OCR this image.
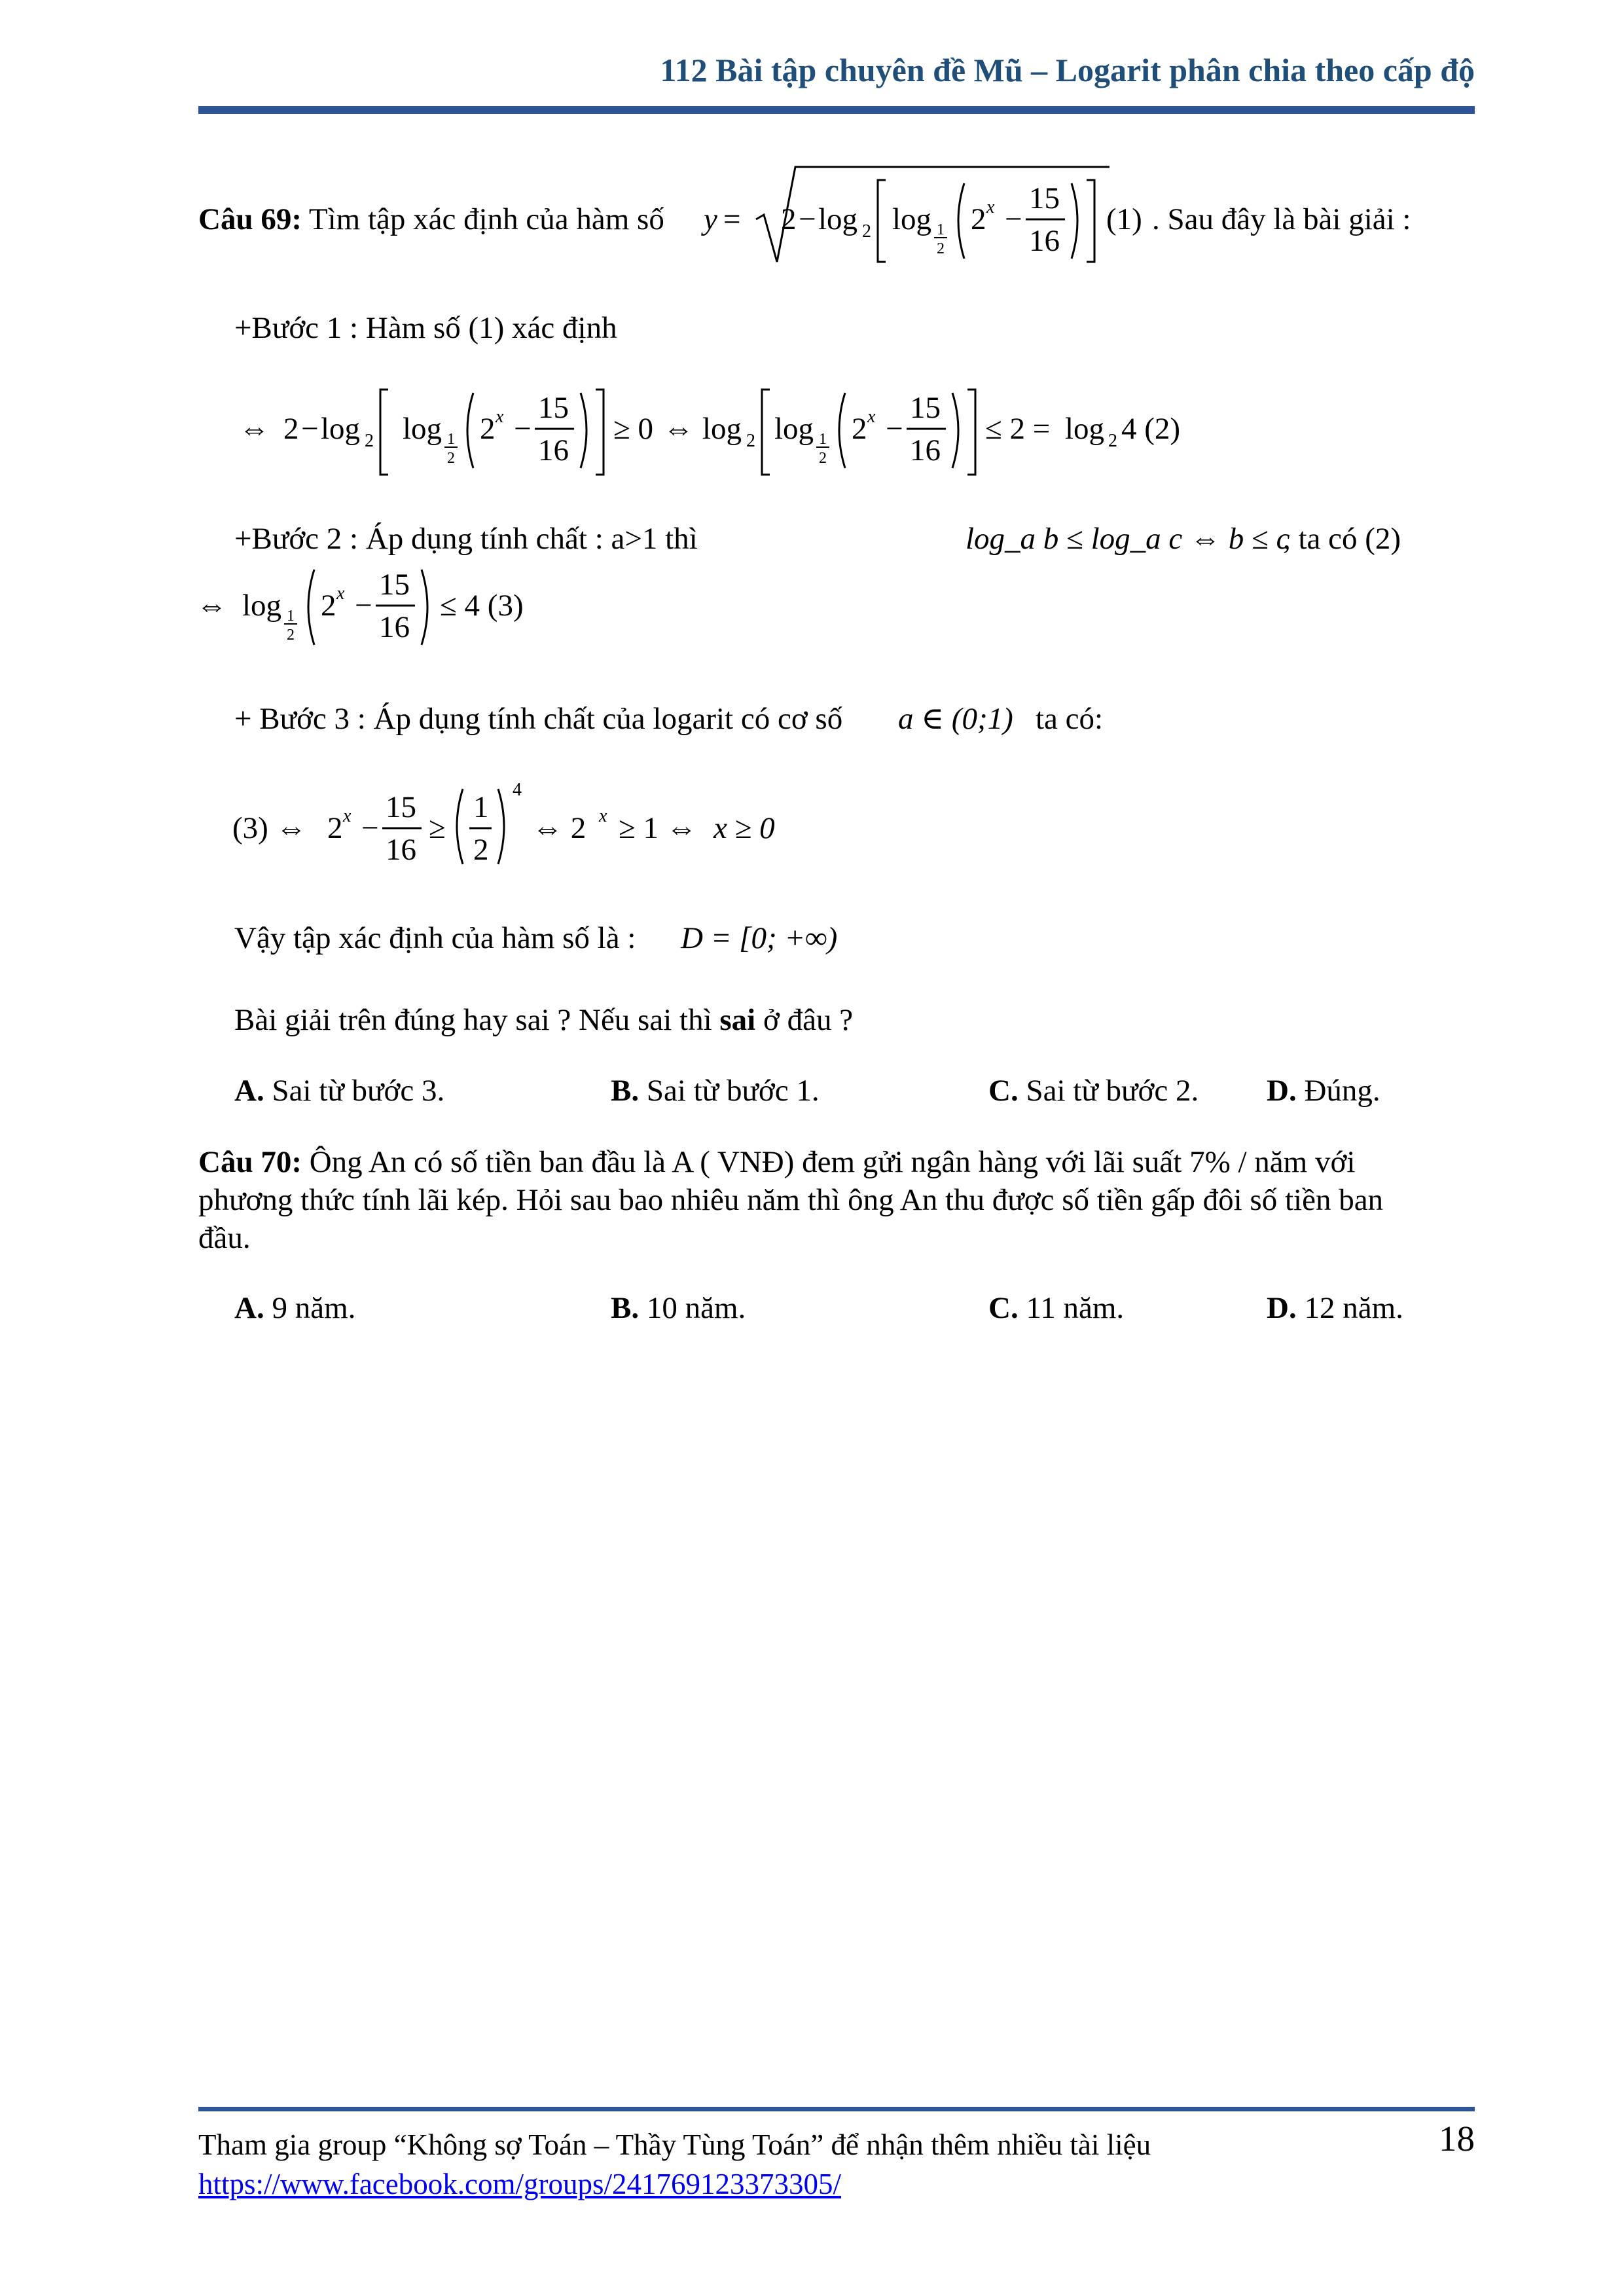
112 Bài tập chuyên đề Mũ – Logarit phân chia theo cấp độ
Câu 69: Tìm tập xác định của hàm số y = 2 − log 2 log 1
2
2 x −
15
16
(1) . Sau đây là bài giải :
+Bước 1 : Hàm số (1) xác định
⇔ 2 − log 2 log 1
2
2 x −
15
16
≥ 0 ⇔ log 2 log 1
2
2 x −
15
16
≤ 2 = log 2 4 (2)
+Bước 2 : Áp dụng tính chất : a>1 thì	log_a b ≤ log_a c ⇔ b ≤ c
, ta có (2)
⇔ log 1
2
2 x −
15
16
≤ 4 (3)
+ Bước 3 : Áp dụng tính chất của logarit có cơ số a ∈ (0;1) ta có:
(3) ⇔ 2 x −
15
16
≥
1
2
4
⇔ 2 x ≥ 1 ⇔ x ≥ 0
Vậy tập xác định của hàm số là : D = [0; +∞)
Bài giải trên đúng hay sai ? Nếu sai thì sai ở đâu ?
A. Sai từ bước 3.	B. Sai từ bước 1.	C. Sai từ bước 2. D. Đúng.
Câu 70: Ông An có số tiền ban đầu là A ( VNĐ) đem gửi ngân hàng với lãi suất 7% / năm với
phương thức tính lãi kép. Hỏi sau bao nhiêu năm thì ông An thu được số tiền gấp đôi số tiền ban
đầu.
A. 9 năm.	B. 10 năm.	C. 11 năm.	D. 12 năm.
Tham gia group “Không sợ Toán – Thầy Tùng Toán” để nhận thêm nhiều tài liệu
https://www.facebook.com/groups/241769123373305/
18
